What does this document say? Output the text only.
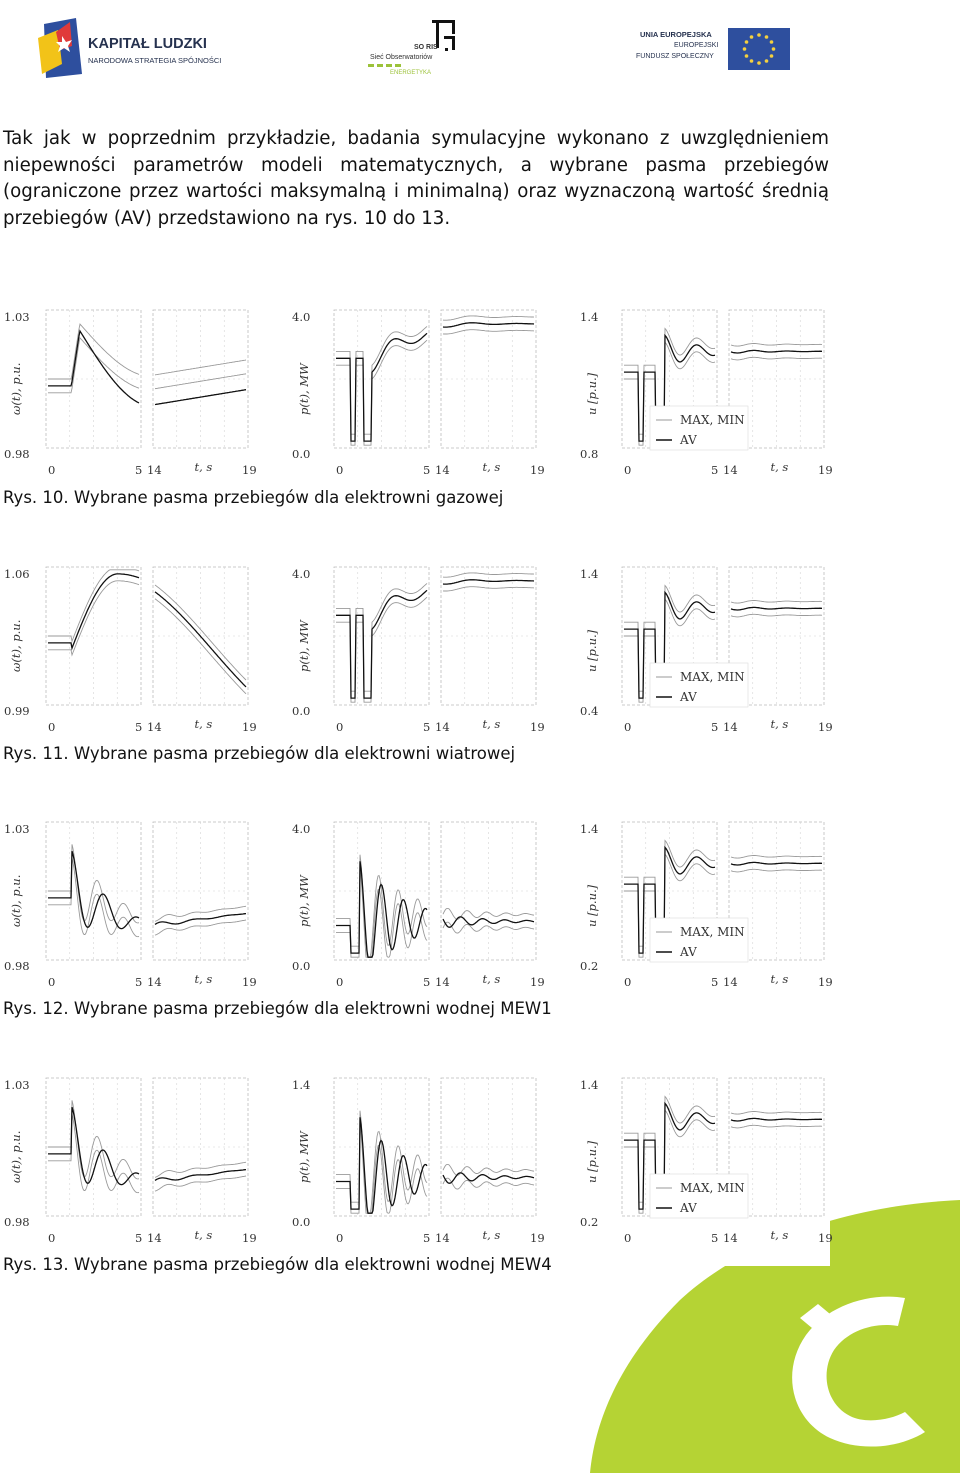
KAPITAŁ LUDZKI
NARODOWA STRATEGIA SPÓJNOŚCI
SO RIS
Sieć Obserwatoriów
ENERGETYKA
UNIA EUROPEJSKA
EUROPEJSKI
FUNDUSZ SPOŁECZNY

Tak jak w poprzednim przykładzie, badania symulacyjne wykonano z uwzględnieniem niepewności parametrów modeli matematycznych, a wybrane pasma przebiegów (ograniczone przez wartości maksymalną i minimalną) oraz wyznaczoną wartość średnią przebiegów (AV) przedstawiono na rys. 10 do 13.

ω(t), p.u.
1.03
0.98
0	5 14	t, s	19
p(t), MW
4.0
0.0
0	5 14	t, s	19
u [p.u.]
1.4
0.8
0	5 14	t, s	19
MAX, MIN
AV
Rys. 10. Wybrane pasma przebiegów dla elektrowni gazowej
ω(t), p.u.
1.06
0.99
0	5 14	t, s	19
p(t), MW
4.0
0.0
0	5 14	t, s	19
u [p.u.]
1.4
0.4
0	5 14	t, s	19
MAX, MIN
AV
Rys. 11. Wybrane pasma przebiegów dla elektrowni wiatrowej
ω(t), p.u.
1.03
0.98
0	5 14	t, s	19
p(t), MW
4.0
0.0
0	5 14	t, s	19
u [p.u.]
1.4
0.2
0	5 14	t, s	19
MAX, MIN
AV
Rys. 12. Wybrane pasma przebiegów dla elektrowni wodnej MEW1
ω(t), p.u.
1.03
0.98
0	5 14	t, s	19
p(t), MW
1.4
0.0
0	5 14	t, s	19
u [p.u.]
1.4
0.2
0	5 14	t, s	19
MAX, MIN
AV
Rys. 13. Wybrane pasma przebiegów dla elektrowni wodnej MEW4
